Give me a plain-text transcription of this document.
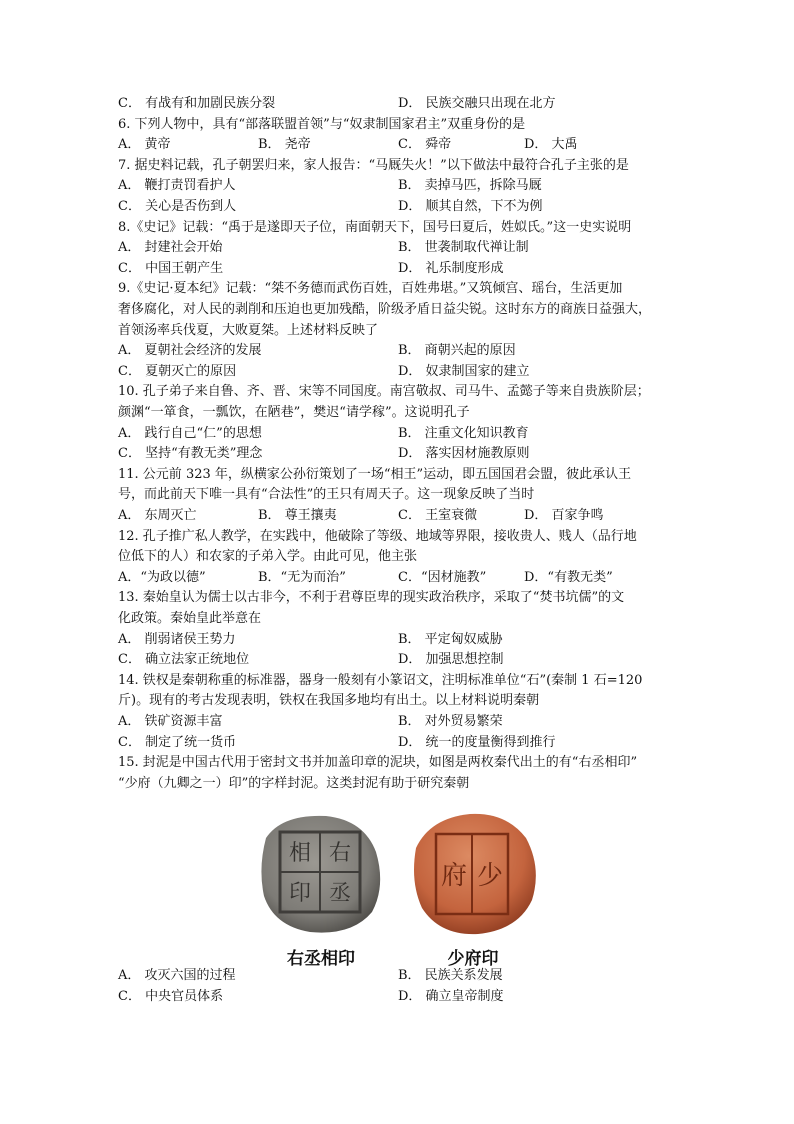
C． 有战有和加剧民族分裂	D． 民族交融只出现在北方
6. 下列人物中，具有“部落联盟首领”与“奴隶制国家君主”双重身份的是
A． 黄帝	B． 尧帝	C． 舜帝	D． 大禹
7. 据史料记载，孔子朝罢归来，家人报告：“马厩失火！”以下做法中最符合孔子主张的是
A． 鞭打责罚看护人	B． 卖掉马匹，拆除马厩
C． 关心是否伤到人	D． 顺其自然，下不为例
8.《史记》记载：“禹于是遂即天子位，南面朝天下，国号曰夏后，姓姒氏。”这一史实说明
A． 封建社会开始	B． 世袭制取代禅让制
C． 中国王朝产生	D． 礼乐制度形成
9.《史记·夏本纪》记载：“桀不务德而武伤百姓，百姓弗堪。”又筑倾宫、瑶台，生活更加
奢侈腐化，对人民的剥削和压迫也更加残酷，阶级矛盾日益尖锐。这时东方的商族日益强大，
首领汤率兵伐夏，大败夏桀。上述材料反映了
A． 夏朝社会经济的发展	B． 商朝兴起的原因
C． 夏朝灭亡的原因	D． 奴隶制国家的建立
10. 孔子弟子来自鲁、齐、晋、宋等不同国度。南宫敬叔、司马牛、孟懿子等来自贵族阶层；
颜渊“一箪食，一瓢饮，在陋巷”，樊迟“请学稼”。这说明孔子
A． 践行自己“仁”的思想	B． 注重文化知识教育
C． 坚持“有教无类”理念	D． 落实因材施教原则
11. 公元前 323 年，纵横家公孙衍策划了一场“相王”运动，即五国国君会盟，彼此承认王
号，而此前天下唯一具有“合法性”的王只有周天子。这一现象反映了当时
A． 东周灭亡	B． 尊王攘夷	C． 王室衰微	D． 百家争鸣
12. 孔子推广私人教学，在实践中，他破除了等级、地域等界限，接收贵人、贱人（品行地
位低下的人）和农家的子弟入学。由此可见，他主张
A．“为政以德”	B．“无为而治”	C．“因材施教”	D．“有教无类”
13. 秦始皇认为儒士以古非今，不利于君尊臣卑的现实政治秩序，采取了“焚书坑儒”的文
化政策。秦始皇此举意在
A． 削弱诸侯王势力	B． 平定匈奴威胁
C． 确立法家正统地位	D． 加强思想控制
14. 铁权是秦朝称重的标准器，器身一般刻有小篆诏文，注明标准单位“石”(秦制 1 石=120
斤)。现有的考古发现表明，铁权在我国多地均有出土。以上材料说明秦朝
A． 铁矿资源丰富	B． 对外贸易繁荣
C． 制定了统一货币	D． 统一的度量衡得到推行
15. 封泥是中国古代用于密封文书并加盖印章的泥块，如图是两枚秦代出土的有“右丞相印”
“少府（九卿之一）印”的字样封泥。这类封泥有助于研究秦朝
A． 攻灭六国的过程	B． 民族关系发展
C． 中央官员体系	D． 确立皇帝制度
相 右
印 丞
府 少
右丞相印	少府印
